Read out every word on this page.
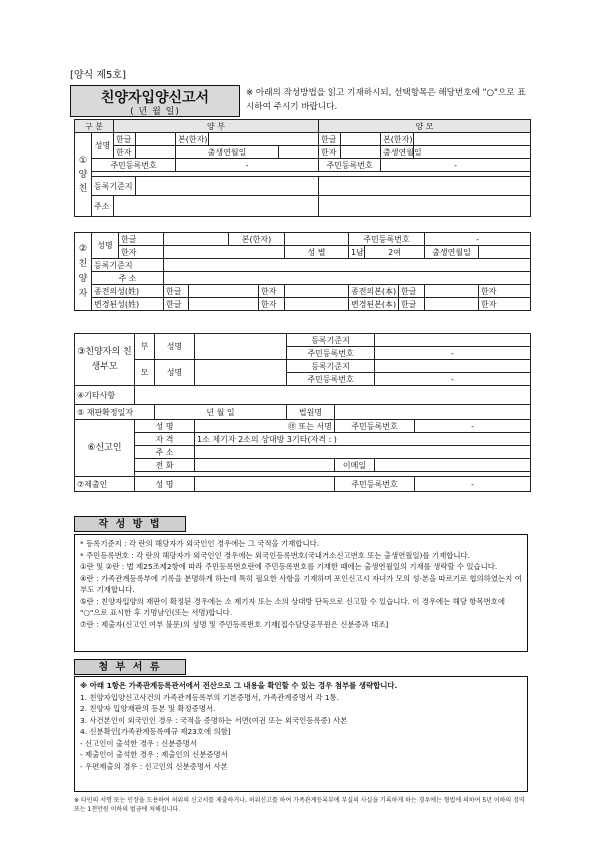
[양식 제5호]
친양자입양신고서
( 년 월 일)
※ 아래의 작성방법을 읽고 기재하시되, 선택항목은 해당번호에 "○"으로 표시하여 주시기 바랍니다.
구 분		양 부					양 모			
①양친	성명	한글		본(한자)			한글		본(한자)	
		한자		출생연월일			한자		출생연월일	
	주민등록번호			-			주민등록번호		-	

	등록기준지									
	주소									
②친양자	성명	한글			본(한자)			주민등록번호			-	
		한자					성 별	1남	2여		출생연월일	
	등록기준지											
	주 소											
	종전의성(姓)		한글			한자		종전의본(本)		한글		한자
	변경된성(姓)		한글			한자		변경된본(本)		한글		한자
③친양자의 친생부모	부	성명		등록기준지			
				주민등록번호		-	
	모	성명		등록기준지			
				주민등록번호		-	
④기타사항							
⑤ 재판확정일자		년 월 일		법원명			
⑥신고인	성 명		㊞ 또는 서명		주민등록번호		-
	자 격		1소 제기자 2소의 상대방 3기타(자격 : )				
	주 소						
	전 화				이메일		

⑦제출인	성 명				주민등록번호		-
작 성 방 법

* 등록기준지 : 각 란의 해당자가 외국인인 경우에는 그 국적을 기재합니다.

* 주민등록번호 : 각 란의 해당자가 외국인인 경우에는 외국인등록번호(국내거소신고번호 또는 출생연월일)를 기재합니다.

①란 및 ②란 : 법 제25조제2항에 따라 주민등록번호란에 주민등록번호를 기재한 때에는 출생연월일의 기재를 생략할 수 있습니다.

④란 : 가족관계등록부에 기록을 분명하게 하는데 특히 필요한 사항을 기재하며 포인신고시 자녀가 모의 성·본을 따르기로 협의하였는지 여부도 기재합니다.

⑤란 : 친양자입양의 재판이 확정된 경우에는 소 제기자 또는 소의 상대방 단독으로 신고할 수 있습니다. 이 경우에는 해당 항목번호에 "○"으로 표시한 후 기명날인(또는 서명)합니다.

⑦란 : 제출자(신고인 여부 불문)의 성명 및 주민등록번호 기재[접수담당공무원은 신분증과 대조]

첨 부 서 류

※ 아래 1항은 가족관계등록관서에서 전산으로 그 내용을 확인할 수 있는 경우 첨부를 생략합니다.

1. 친양자입양신고사건의 가족관계등록부의 기본증명서, 가족관계증명서 각 1통.

2. 친양자 입양재판의 등본 및 확정증명서.

3. 사건본인이 외국인인 경우 : 국적을 증명하는 서면(여권 또는 외국인등록증) 사본

4. 신분확인[가족관계등록예규 제23호에 의함]

- 신고인이 출석한 경우 : 신분증명서

- 제출인이 출석한 경우 : 제출인의 신분증명서

- 우편제출의 경우 : 신고인의 신분증명서 사본

※ 타인의 서명 또는 인장을 도용하여 허위의 신고서를 제출하거나, 허위신고를 하여 가족관계등록부에 부실의 사실을 기록하게 하는 경우에는 형법에 의하여 5년 이하의 징역 또는 1천만원 이하의 벌금에 처해집니다.
